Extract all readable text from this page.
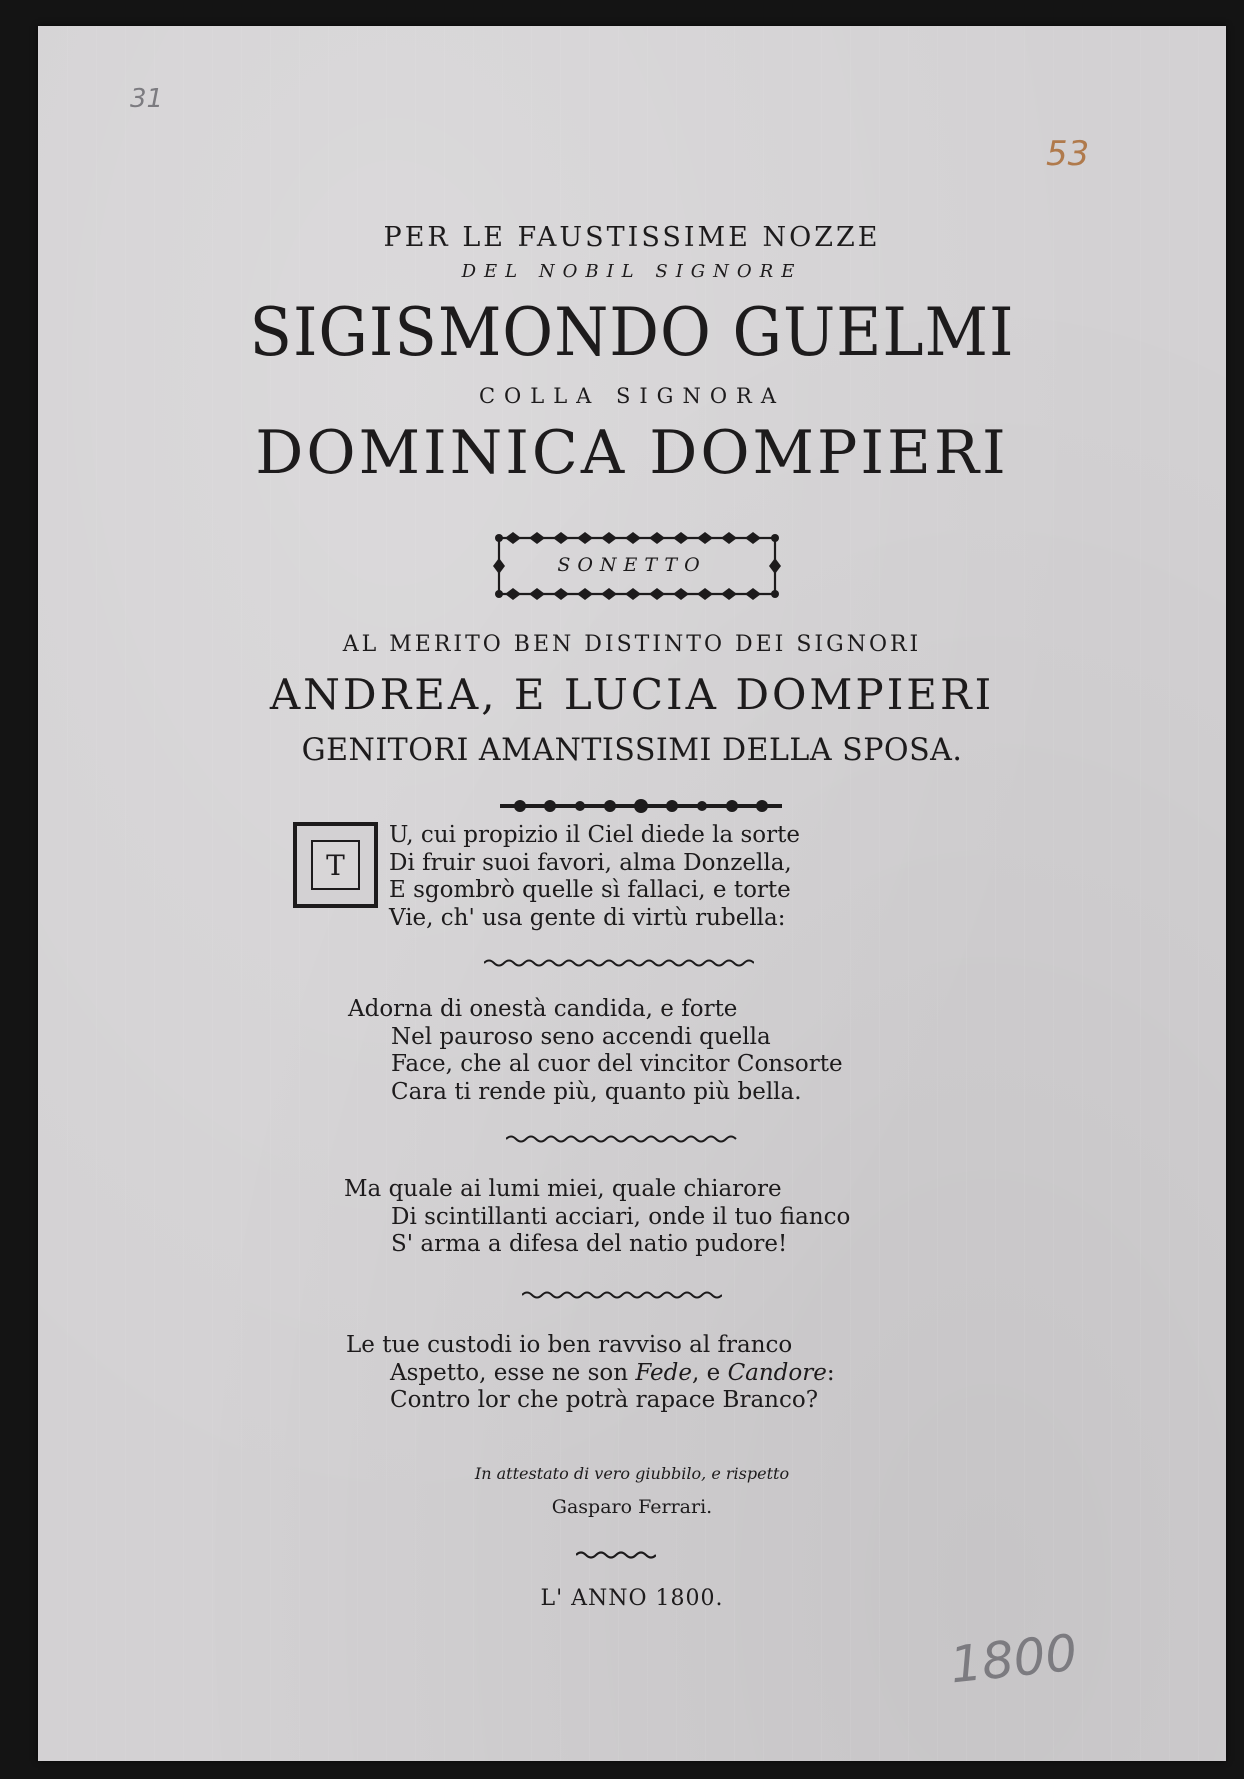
31
53
1800
PER LE FAUSTISSIME NOZZE
DEL NOBIL SIGNORE
SIGISMONDO GUELMI
COLLA SIGNORA
DOMINICA DOMPIERI
SONETTO
AL MERITO BEN DISTINTO DEI SIGNORI
ANDREA, E LUCIA DOMPIERI
GENITORI AMANTISSIMI DELLA SPOSA.
T
U, cui propizio il Ciel diede la sorte
Di fruir suoi favori, alma Donzella,
E sgombrò quelle sì fallaci, e torte
Vie, ch' usa gente di virtù rubella:
Adorna di onestà candida, e forte
Nel pauroso seno accendi quella
Face, che al cuor del vincitor Consorte
Cara ti rende più, quanto più bella.
Ma quale ai lumi miei, quale chiarore
Di scintillanti acciari, onde il tuo fianco
S' arma a difesa del natio pudore!
Le tue custodi io ben ravviso al franco
Aspetto, esse ne son Fede, e Candore:
Contro lor che potrà rapace Branco?
In attestato di vero giubbilo, e rispetto
Gasparo Ferrari.
L' ANNO 1800.
